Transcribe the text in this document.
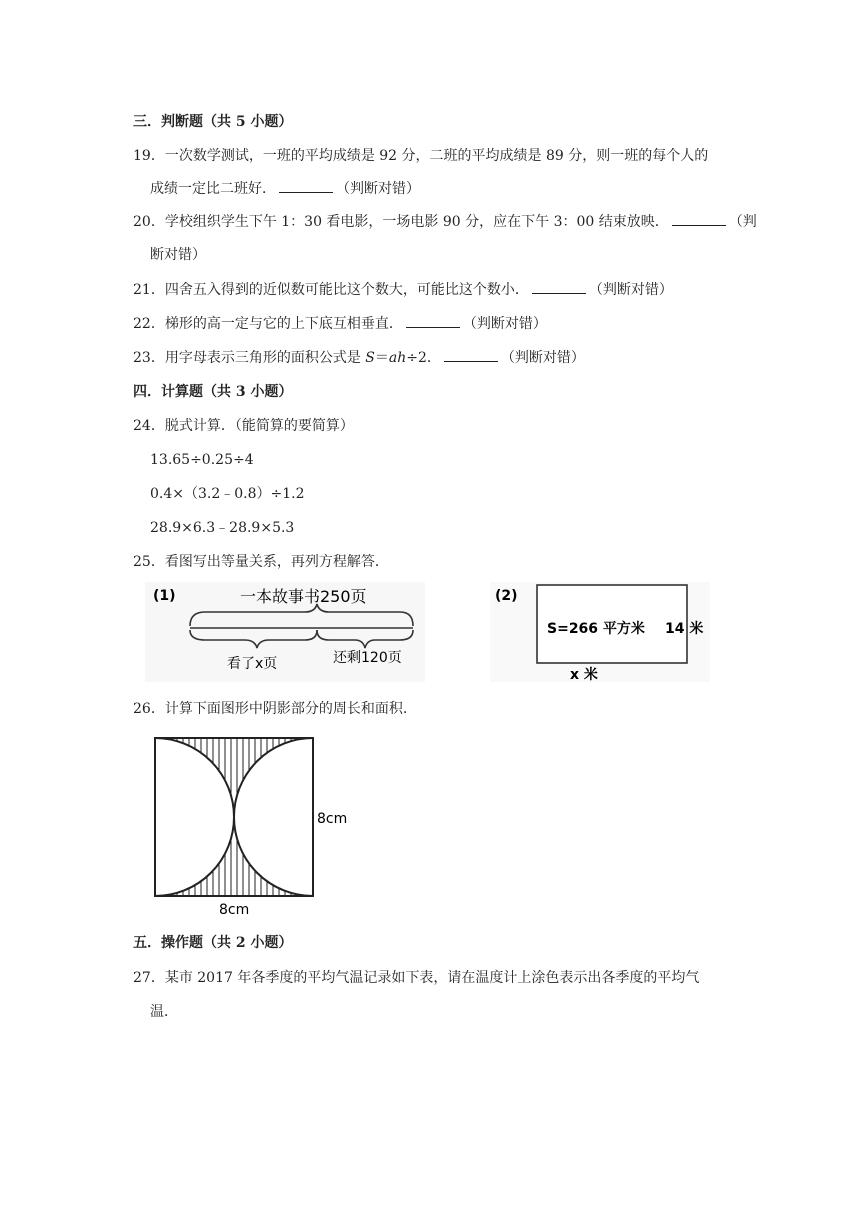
三．判断题（共 5 小题）
19．一次数学测试，一班的平均成绩是 92 分，二班的平均成绩是 89 分，则一班的每个人的
成绩一定比二班好．	（判断对错）
20．学校组织学生下午 1：30 看电影，一场电影 90 分，应在下午 3：00 结束放映．	（判
断对错）
21．四舍五入得到的近似数可能比这个数大，可能比这个数小．	（判断对错）
22．梯形的高一定与它的上下底互相垂直．	（判断对错）
23．用字母表示三角形的面积公式是 S＝ah÷2．	（判断对错）
四．计算题（共 3 小题）
24．脱式计算．（能简算的要简算）
13.65÷0.25÷4
0.4×（3.2﹣0.8）÷1.2
28.9×6.3﹣28.9×5.3
25．看图写出等量关系，再列方程解答．
(1)	一本故事书250页
看了x页	还剩120页
(2)
S=266 平方米 14 米
x 米
26．计算下面图形中阴影部分的周长和面积.
8cm
8cm
五．操作题（共 2 小题）
27．某市 2017 年各季度的平均气温记录如下表，请在温度计上涂色表示出各季度的平均气
温．
